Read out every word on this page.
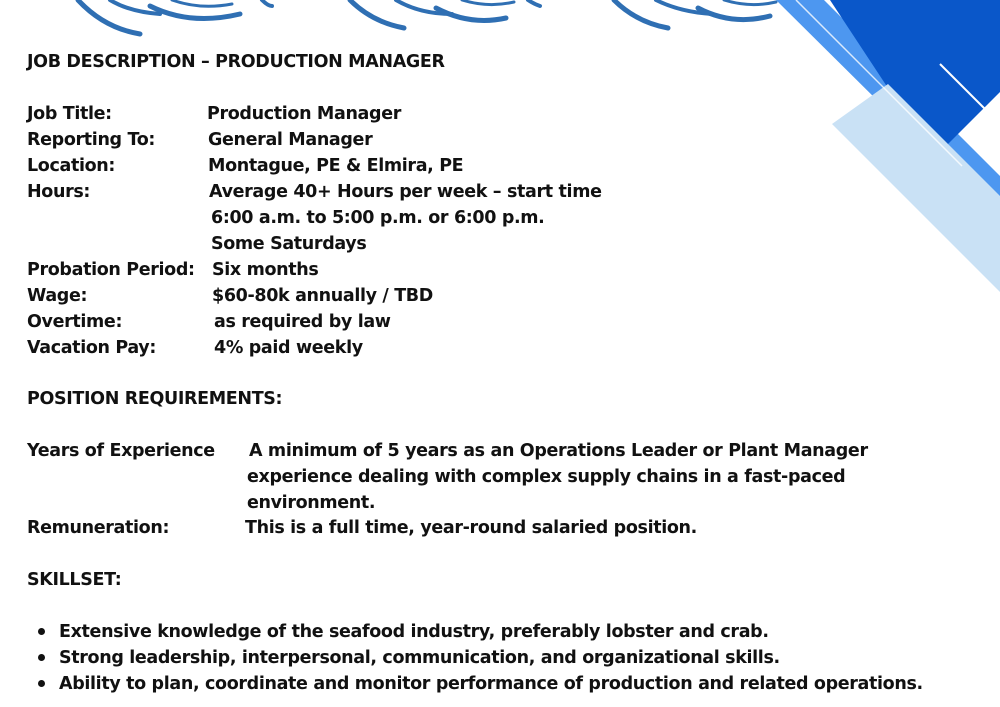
JOB DESCRIPTION – PRODUCTION MANAGER
Job Title:	Production Manager
Reporting To:	General Manager
Location:	Montague, PE & Elmira, PE
Hours:	Average 40+ Hours per week – start time
6:00 a.m. to 5:00 p.m. or 6:00 p.m.
Some Saturdays
Probation Period: Six months
Wage:	$60-80k annually / TBD
Overtime:	as required by law
Vacation Pay:	4% paid weekly
POSITION REQUIREMENTS:
Years of Experience A minimum of 5 years as an Operations Leader or Plant Manager
experience dealing with complex supply chains in a fast-paced
environment.
Remuneration:	This is a full time, year-round salaried position.
SKILLSET:
Extensive knowledge of the seafood industry, preferably lobster and crab.
Strong leadership, interpersonal, communication, and organizational skills.
Ability to plan, coordinate and monitor performance of production and related operations.
